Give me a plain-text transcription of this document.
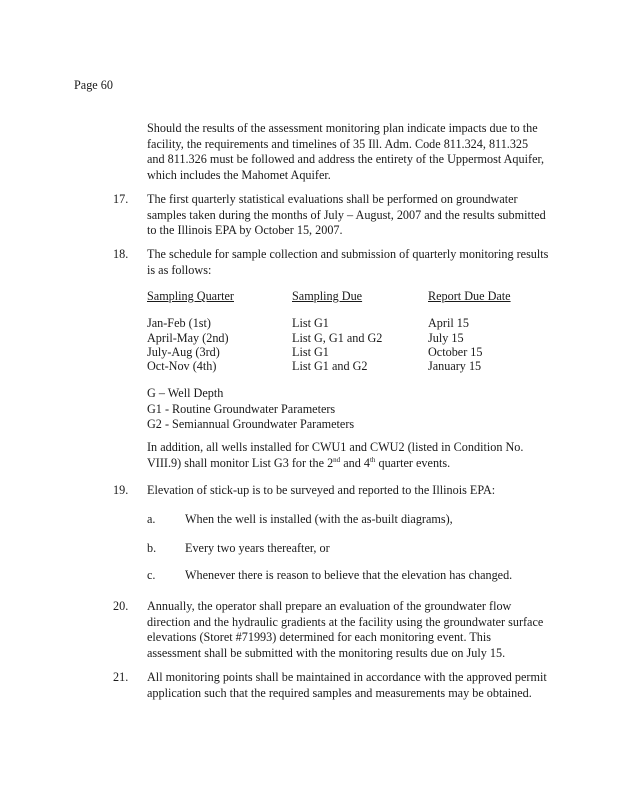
Page 60
Should the results of the assessment monitoring plan indicate impacts due to the
facility, the requirements and timelines of 35 Ill. Adm. Code 811.324, 811.325
and 811.326 must be followed and address the entirety of the Uppermost Aquifer,
which includes the Mahomet Aquifer.
17. The first quarterly statistical evaluations shall be performed on groundwater
samples taken during the months of July – August, 2007 and the results submitted
to the Illinois EPA by October 15, 2007.
18. The schedule for sample collection and submission of quarterly monitoring results
is as follows:
Sampling Quarter	Sampling Due	Report Due Date
Jan-Feb (1st)	List G1	April 15
April-May (2nd)	List G, G1 and G2	July 15
July-Aug (3rd)	List G1	October 15
Oct-Nov (4th)	List G1 and G2	January 15
G – Well Depth
G1 - Routine Groundwater Parameters
G2 - Semiannual Groundwater Parameters
In addition, all wells installed for CWU1 and CWU2 (listed in Condition No.
VIII.9) shall monitor List G3 for the 2nd and 4th quarter events.
19. Elevation of stick-up is to be surveyed and reported to the Illinois EPA:
a. When the well is installed (with the as-built diagrams),
b. Every two years thereafter, or
c. Whenever there is reason to believe that the elevation has changed.
20. Annually, the operator shall prepare an evaluation of the groundwater flow
direction and the hydraulic gradients at the facility using the groundwater surface
elevations (Storet #71993) determined for each monitoring event. This
assessment shall be submitted with the monitoring results due on July 15.
21. All monitoring points shall be maintained in accordance with the approved permit
application such that the required samples and measurements may be obtained.
